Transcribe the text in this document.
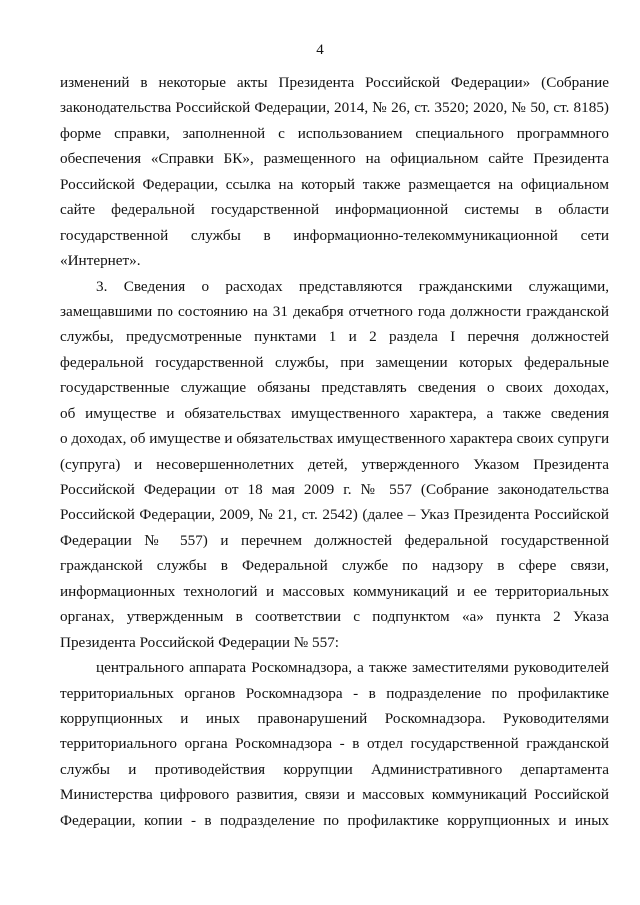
4
изменений в некоторые акты Президента Российской Федерации» (Собрание
законодательства Российской Федерации, 2014, № 26, ст. 3520; 2020, № 50, ст. 8185)
форме справки, заполненной с использованием специального программного
обеспечения «Справки БК», размещенного на официальном сайте Президента
Российской Федерации, ссылка на который также размещается на официальном
сайте федеральной государственной информационной системы в области
государственной службы в информационно-телекоммуникационной сети
«Интернет».
3. Сведения о расходах представляются гражданскими служащими,
замещавшими по состоянию на 31 декабря отчетного года должности гражданской
службы, предусмотренные пунктами 1 и 2 раздела I перечня должностей
федеральной государственной службы, при замещении которых федеральные
государственные служащие обязаны представлять сведения о своих доходах,
об имуществе и обязательствах имущественного характера, а также сведения
о доходах, об имуществе и обязательствах имущественного характера своих супруги
(супруга) и несовершеннолетних детей, утвержденного Указом Президента
Российской Федерации от 18 мая 2009 г. № 557 (Собрание законодательства
Российской Федерации, 2009, № 21, ст. 2542) (далее – Указ Президента Российской
Федерации № 557) и перечнем должностей федеральной государственной
гражданской службы в Федеральной службе по надзору в сфере связи,
информационных технологий и массовых коммуникаций и ее территориальных
органах, утвержденным в соответствии с подпунктом «а» пункта 2 Указа
Президента Российской Федерации № 557:
центрального аппарата Роскомнадзора, а также заместителями руководителей
территориальных органов Роскомнадзора - в подразделение по профилактике
коррупционных и иных правонарушений Роскомнадзора. Руководителями
территориального органа Роскомнадзора - в отдел государственной гражданской
службы и противодействия коррупции Административного департамента
Министерства цифрового развития, связи и массовых коммуникаций Российской
Федерации, копии - в подразделение по профилактике коррупционных и иных
